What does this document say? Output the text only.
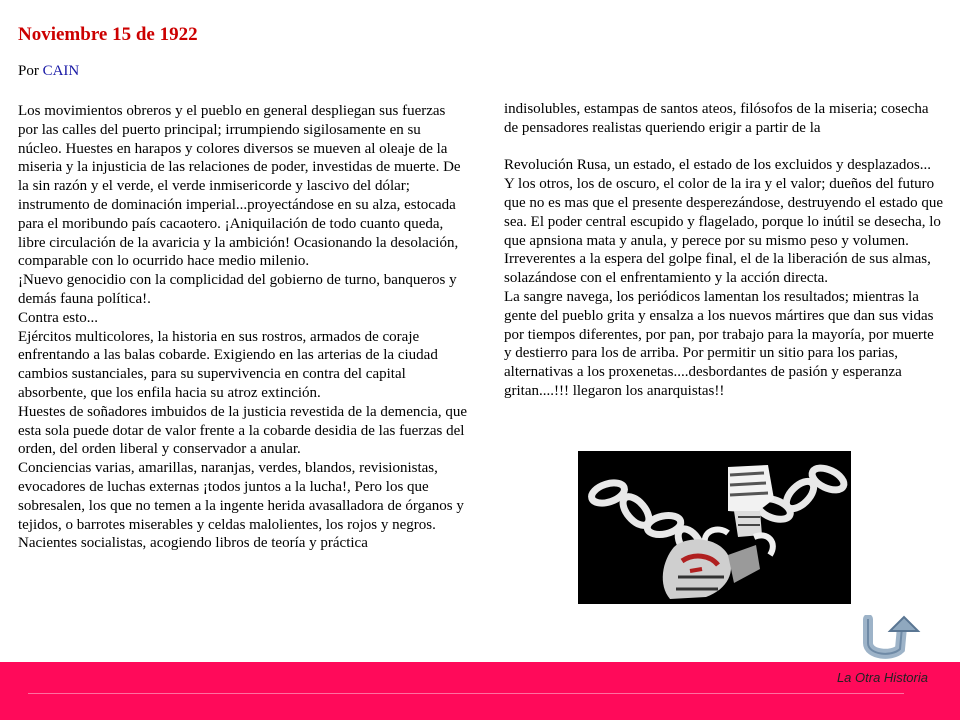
Noviembre 15 de 1922
Por CAIN

Los movimientos obreros y el pueblo en general despliegan sus fuerzas por las calles del puerto principal; irrumpiendo sigilosamente en su núcleo. Huestes en harapos y colores diversos se mueven al oleaje de la miseria y la injusticia de las relaciones de poder, investidas de muerte. De la sin razón y el verde, el verde inmisericorde y lascivo del dólar; instrumento de dominación imperial...proyectándose en su alza, estocada para el moribundo país cacaotero. ¡Aniquilación de todo cuanto queda, libre circulación de la avaricia y la ambición! Ocasionando la desolación, comparable con lo ocurrido hace medio milenio.

¡Nuevo genocidio con la complicidad del gobierno de turno, banqueros y demás fauna política!.

Contra esto...

Ejércitos multicolores, la historia en sus rostros, armados de coraje enfrentando a las balas cobarde. Exigiendo en las arterias de la ciudad cambios sustanciales, para su supervivencia en contra del capital absorbente, que los enfila hacia su atroz extinción.

Huestes de soñadores imbuidos de la justicia revestida de la demencia, que esta sola puede dotar de valor frente a la cobarde desidia de las fuerzas del orden, del orden liberal y conservador a anular.

Conciencias varias, amarillas, naranjas, verdes, blandos, revisionistas, evocadores de luchas externas ¡todos juntos a la lucha!, Pero los que sobresalen, los que no temen a la ingente herida avasalladora de órganos y tejidos, o barrotes miserables y celdas malolientes, los rojos y negros.

Nacientes socialistas, acogiendo libros de teoría y práctica

indisolubles, estampas de santos ateos, filósofos de la miseria; cosecha de pensadores realistas queriendo erigir a partir de la

Revolución Rusa, un estado, el estado de los excluidos y desplazados...

Y los otros, los de oscuro, el color de la ira y el valor; dueños del futuro que no es mas que el presente desperezándose, destruyendo el estado que sea. El poder central escupido y flagelado, porque lo inútil se desecha, lo que apnsiona mata y anula, y perece por su mismo peso y volumen.

Irreverentes a la espera del golpe final, el de la liberación de sus almas, solazándose con el enfrentamiento y la acción directa.

La sangre navega, los periódicos lamentan los resultados; mientras la gente del pueblo grita y ensalza a los nuevos mártires que dan sus vidas por tiempos diferentes, por pan, por trabajo para la mayoría, por muerte y destierro para los de arriba. Por permitir un sitio para los parias, alternativas a los proxenetas....desbordantes de pasión y esperanza gritan....!!! llegaron los anarquistas!!

La Otra Historia
